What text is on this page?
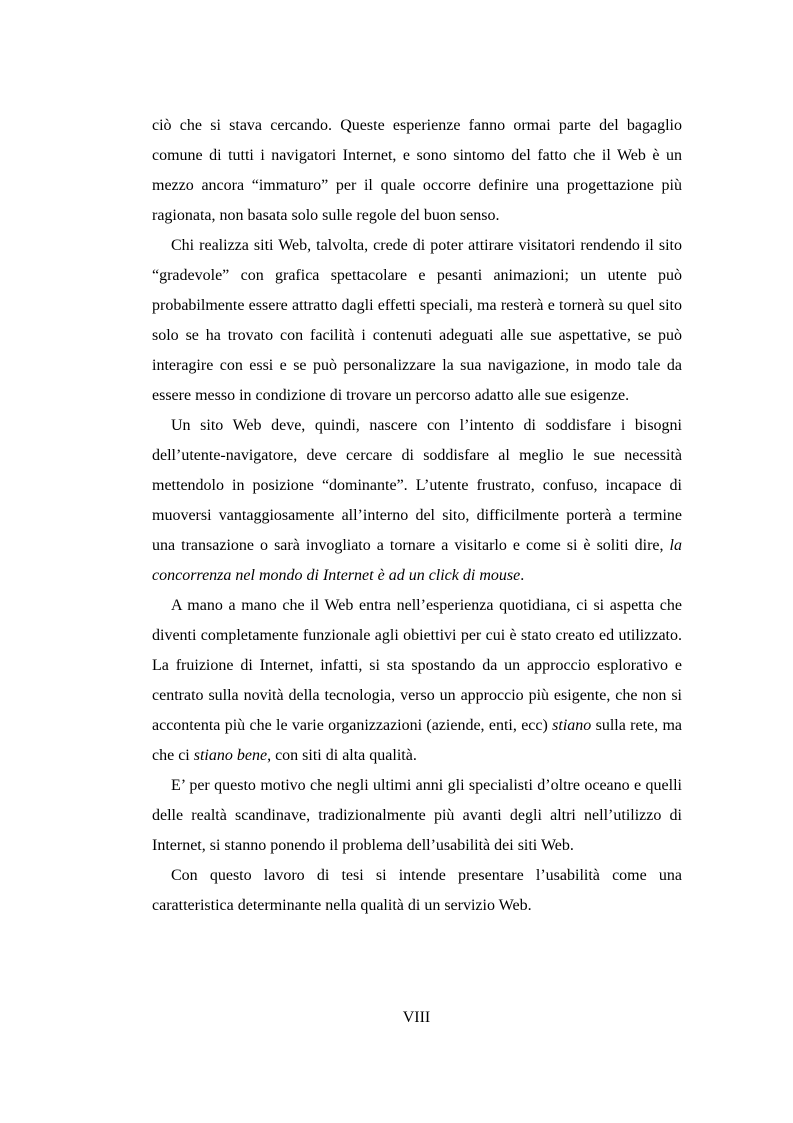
ciò che si stava cercando. Queste esperienze fanno ormai parte del bagaglio comune di tutti i navigatori Internet, e sono sintomo del fatto che il Web è un mezzo ancora “immaturo” per il quale occorre definire una progettazione più ragionata, non basata solo sulle regole del buon senso.

Chi realizza siti Web, talvolta, crede di poter attirare visitatori rendendo il sito “gradevole” con grafica spettacolare e pesanti animazioni; un utente può probabilmente essere attratto dagli effetti speciali, ma resterà e tornerà su quel sito solo se ha trovato con facilità i contenuti adeguati alle sue aspettative, se può interagire con essi e se può personalizzare la sua navigazione, in modo tale da essere messo in condizione di trovare un percorso adatto alle sue esigenze.

Un sito Web deve, quindi, nascere con l’intento di soddisfare i bisogni dell’utente-navigatore, deve cercare di soddisfare al meglio le sue necessità mettendolo in posizione “dominante”. L’utente frustrato, confuso, incapace di muoversi vantaggiosamente all’interno del sito, difficilmente porterà a termine una transazione o sarà invogliato a tornare a visitarlo e come si è soliti dire, la concorrenza nel mondo di Internet è ad un click di mouse.

A mano a mano che il Web entra nell’esperienza quotidiana, ci si aspetta che diventi completamente funzionale agli obiettivi per cui è stato creato ed utilizzato. La fruizione di Internet, infatti, si sta spostando da un approccio esplorativo e centrato sulla novità della tecnologia, verso un approccio più esigente, che non si accontenta più che le varie organizzazioni (aziende, enti, ecc) stiano sulla rete, ma che ci stiano bene, con siti di alta qualità.

E’ per questo motivo che negli ultimi anni gli specialisti d’oltre oceano e quelli delle realtà scandinave, tradizionalmente più avanti degli altri nell’utilizzo di Internet, si stanno ponendo il problema dell’usabilità dei siti Web.

Con questo lavoro di tesi si intende presentare l’usabilità come una caratteristica determinante nella qualità di un servizio Web.

VIII
